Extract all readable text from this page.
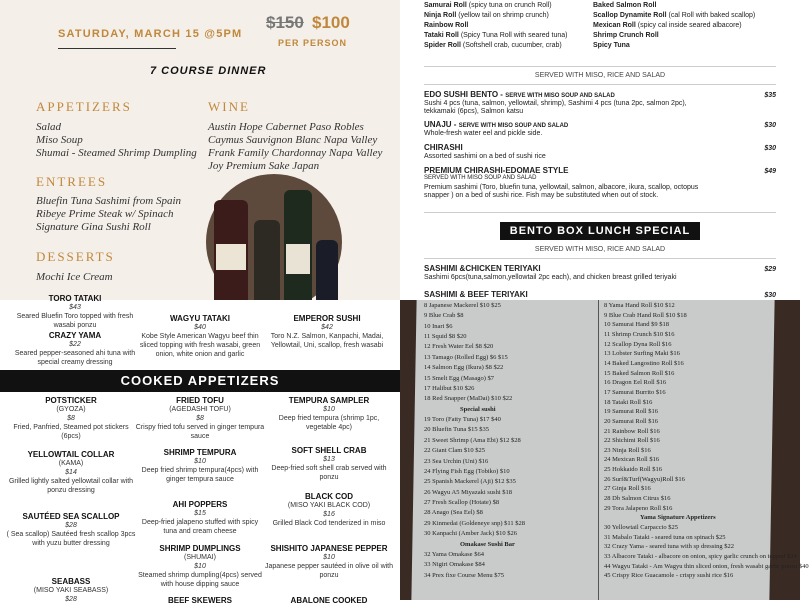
SATURDAY, MARCH 15 @5PM
$150 $100
PER PERSON
7 COURSE DINNER
APPETIZERS
Salad
Miso Soup
Shumai - Steamed Shrimp Dumpling
WINE
Austin Hope Cabernet Paso Robles
Caymus Sauvignon Blanc Napa Valley
Frank Family Chardonnay Napa Valley
Joy Premium Sake Japan
ENTREES
Bluefin Tuna Sashimi from Spain
Ribeye Prime Steak w/ Spinach
Signature Gina Sushi Roll
DESSERTS
Mochi Ice Cream
Samurai Roll (spicy tuna on crunch Roll)
Ninja Roll (yellow tail on shrimp crunch)
Rainbow Roll
Tataki Roll (Spicy Tuna Roll with seared tuna)
Spider Roll (Softshell crab, cucumber, crab)
Baked Salmon Roll
Scallop Dynamite Roll (cal Roll with baked scallop)
Mexican Roll (spicy cal inside seared albacore)
Shrimp Crunch Roll
Spicy Tuna
SERVED WITH MISO, RICE AND SALAD
EDO SUSHI BENTO - SERVE WITH MISO SOUP AND SALAD	$35
Sushi 4 pcs (tuna, salmon, yellowtail, shrimp), Sashimi 4 pcs (tuna 2pc, salmon 2pc),
tekkamaki (6pcs), Salmon katsu
UNAJU - SERVE WITH MISO SOUP AND SALAD	$30
Whole-fresh water eel and pickle side.
CHIRASHI	$30
Assorted sashimi on a bed of sushi rice
PREMIUM CHIRASHI-EDOMAE STYLE	$49
SERVED WITH MISO SOUP AND SALAD
Premium sashimi (Toro, bluefin tuna, yellowtail, salmon, albacore, ikura, scallop, octopus
snapper ) on a bed of sushi rice. Fish may be substituted when out of stock.
BENTO BOX LUNCH SPECIAL
SERVED WITH MISO, RICE AND SALAD
SASHIMI &CHICKEN TERIYAKI	$29
Sashimi 6pcs(tuna,salmon,yellowtail 2pc each), and chicken breast grilled teriyaki
SASHIMI & BEEF TERIYAKI	$30
TORO TATAKI
$43
Seared Bluefin Toro topped with fresh wasabi ponzu
CRAZY YAMA
$22
Seared pepper-seasoned ahi tuna with special creamy dressing
WAGYU TATAKI
$40
Kobe Style American Wagyu beef thin sliced topping with fresh wasabi, green onion, white onion and garlic
EMPEROR SUSHI
$42
Toro N.Z. Salmon, Kanpachi, Madai, Yellowtail, Uni, scallop, fresh wasabi
COOKED APPETIZERS
POTSTICKER
(GYOZA)
$8
Fried, Panfried, Steamed pot stickers (6pcs)
YELLOWTAIL COLLAR
(KAMA)
$14
Grilled lightly salted yellowtail collar with ponzu dressing
SAUTÉED SEA SCALLOP
$28
( Sea scallop) Sautéed fresh scallop 3pcs with yuzu butter dressing
SEABASS
(MISO YAKI SEABASS)
$28
FRIED TOFU
(AGEDASHI TOFU)
$8
Crispy fried tofu served in ginger tempura sauce
SHRIMP TEMPURA
$10
Deep fried shrimp tempura(4pcs) with ginger tempura sauce
AHI POPPERS
$15
Deep-fried jalapeno stuffed with spicy tuna and cream cheese
SHRIMP DUMPLINGS
(SHUMAI)
$10
Steamed shrimp dumpling(4pcs) served with house dipping sauce
BEEF SKEWERS
TEMPURA SAMPLER
$10
Deep fried tempura (shrimp 1pc, vegetable 4pc)
SOFT SHELL CRAB
$13
Deep-fried soft shell crab served with ponzu
BLACK COD
(MISO YAKI BLACK COD)
$16
Grilled Black Cod tenderized in miso
SHISHITO JAPANESE PEPPER
$10
Japanese pepper sautéed in olive oil with ponzu
ABALONE COOKED
8 Japanese Mackerel $10 $25
9 Blue Crab $8
10 Inari $6
11 Squid $8 $20
12 Fresh Water Eel $8 $20
13 Tamago (Rolled Egg) $6 $15
14 Salmon Egg (Ikura) $8 $22
15 Smelt Egg (Masago) $7
17 Halibut $10 $26
18 Red Snapper (MaDai) $10 $22
Special sushi
19 Toro (Fatty Tuna) $17 $40
20 Bluefin Tuna $15 $35
21 Sweet Shrimp (Ama Ebi) $12 $28
22 Giant Clam $10 $25
23 Sea Urchin (Uni) $16
24 Flying Fish Egg (Tobiko) $10
25 Spanish Mackerel (Aji) $12 $35
26 Wagyu A5 Miyazaki sushi $18
27 Fresh Scallop (Hotate) $8
28 Anago (Sea Eel) $8
29 Kinmedai (Goldeneye snp) $11 $28
30 Kanpachi (Amber Jack) $10 $26
Omakase Sushi Bar
32 Yama Omakase $64
33 Nigiri Omakase $84
34 Prex fixe Course Menu $75
8 Yama Hand Roll $10 $12
9 Blue Crab Hand Roll $10 $18
10 Samurai Hand $9 $18
11 Shrimp Crunch $10 $16
12 Scallop Dyna Roll $16
13 Lobster Surfing Maki $16
14 Baked Langostino Roll $16
15 Baked Salmon Roll $16
16 Dragon Eel Roll $16
17 Samurai Burrito $16
18 Tataki Roll $16
19 Samurai Roll $16
20 Samurai Roll $16
21 Rainbow Roll $16
22 Shichimi Roll $16
23 Ninja Roll $16
24 Mexican Roll $16
25 Hokkaido Roll $16
26 Surf&Turf(Wagyu)Roll $16
27 Ginja Roll $16
28 Db Salmon Citrus $16
29 Tora Jalapeno Roll $16
Yama Signature Appetizers
30 Yellowtail Carpaccio $25
31 Mabalo Tataki - seared tuna on spinach $25
32 Crazy Yama - seared tuna with sp dressing $22
33 Albacore Tataki - albacore on onion, spicy garlic crunch on topped $24
44 Wagyu Tataki - Am Wagyu thin sliced onion, fresh wasabi garlic ponzu $40
45 Crispy Rice Guacamole - crispy sushi rice $16
